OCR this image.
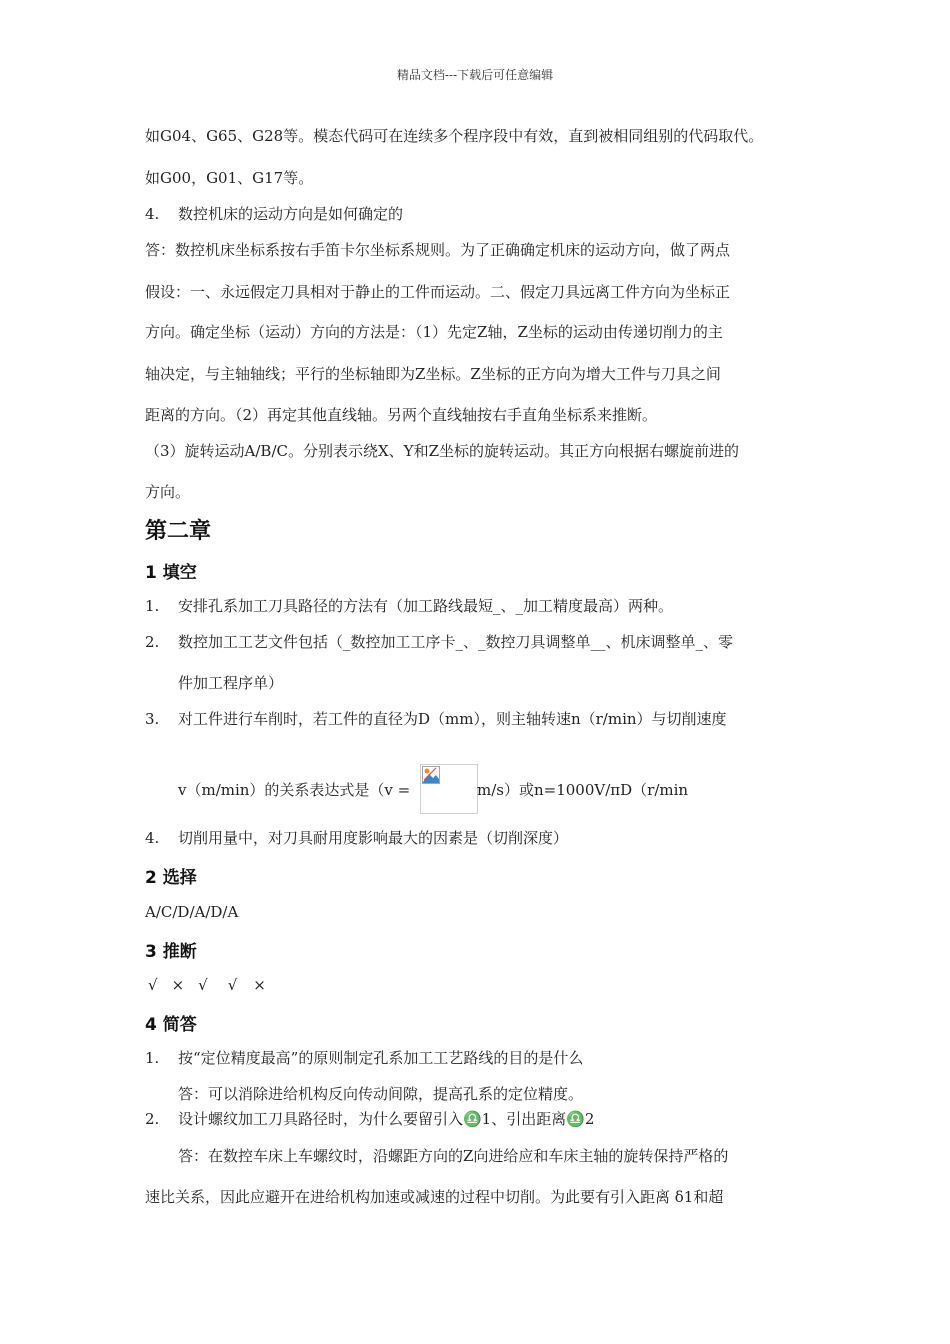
精品文档---下载后可任意编辑
如G04、G65、G28等。模态代码可在连续多个程序段中有效，直到被相同组别的代码取代。
如G00，G01、G17等。
4. 数控机床的运动方向是如何确定的
答：数控机床坐标系按右手笛卡尔坐标系规则。为了正确确定机床的运动方向，做了两点
假设：一、永远假定刀具相对于静止的工件而运动。二、假定刀具远离工件方向为坐标正
方向。确定坐标（运动）方向的方法是：（1）先定Z轴，Z坐标的运动由传递切削力的主
轴决定，与主轴轴线；平行的坐标轴即为Z坐标。Z坐标的正方向为增大工件与刀具之间
距离的方向。（2）再定其他直线轴。另两个直线轴按右手直角坐标系来推断。
（3）旋转运动A/B/C。分别表示绕X、Y和Z坐标的旋转运动。其正方向根据右螺旋前进的
方向。
第二章
1 填空
1. 安排孔系加工刀具路径的方法有（加工路线最短_、_加工精度最高）两种。
2. 数控加工工艺文件包括（_数控加工工序卡_、_数控刀具调整单__、机床调整单_、零
件加工程序单）
3. 对工件进行车削时，若工件的直径为D（mm），则主轴转速n（r/min）与切削速度
v（m/min）的关系表达式是（v =	m/s）或n=1000V/πD（r/min
4. 切削用量中，对刀具耐用度影响最大的因素是（切削深度）
2 选择
A/C/D/A/D/A
3 推断
√ × √ √ ×
4 简答
1. 按“定位精度最高”的原则制定孔系加工工艺路线的目的是什么
答：可以消除进给机构反向传动间隙，提高孔系的定位精度。
2. 设计螺纹加工刀具路径时，为什么要留引入♎1、引出距离♎2
答：在数控车床上车螺纹时，沿螺距方向的Z向进给应和车床主轴的旋转保持严格的
速比关系，因此应避开在进给机构加速或减速的过程中切削。为此要有引入距离 δ1和超
